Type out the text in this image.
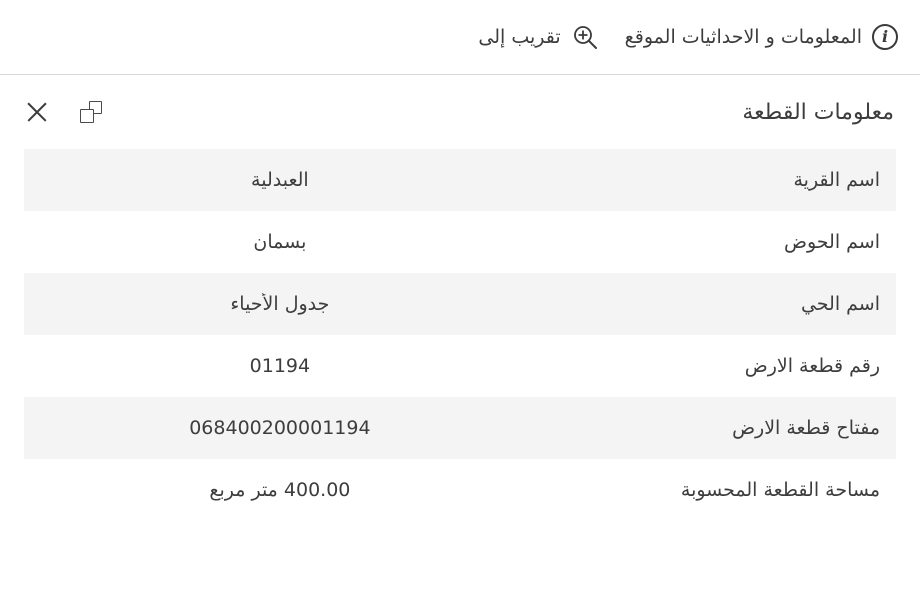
i
المعلومات و الاحداثيات الموقع
تقريب إلى
معلومات القطعة
اسم القرية
العبدلية
اسم الحوض
بسمان
اسم الحي
جدول الأحياء
رقم قطعة الارض
01194
مفتاح قطعة الارض
068400200001194
مساحة القطعة المحسوبة
400.00 متر مربع
